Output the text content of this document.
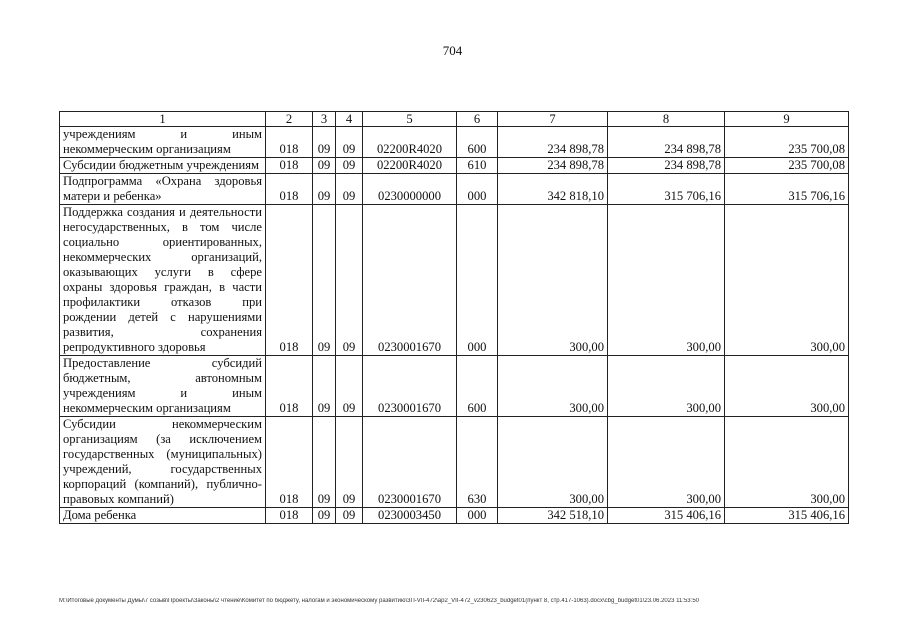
704
1	2	3	4	5	6	7	8	9
учреждениям и иным некоммерческим организациям	018	09	09	02200R4020	600	234 898,78	234 898,78	235 700,08
Субсидии бюджетным учреждениям	018	09	09	02200R4020	610	234 898,78	234 898,78	235 700,08
Подпрограмма «Охрана здоровья матери и ребенка»	018	09	09	0230000000	000	342 818,10	315 706,16	315 706,16
Поддержка создания и деятельности негосударственных, в том числе социально ориентированных, некоммерческих организаций, оказывающих услуги в сфере охраны здоровья граждан, в части профилактики отказов при рождении детей с нарушениями развития, сохранения репродуктивного здоровья	018	09	09	0230001670	000	300,00	300,00	300,00
Предоставление субсидий бюджетным, автономным учреждениям и иным некоммерческим организациям	018	09	09	0230001670	600	300,00	300,00	300,00
Субсидии некоммерческим организациям (за исключением государственных (муниципальных) учреждений, государственных корпораций (компаний), публично-правовых компаний)	018	09	09	0230001670	630	300,00	300,00	300,00
Дома ребенка	018	09	09	0230003450	000	342 518,10	315 406,16	315 406,16
M:\Итоговые документы Думы\7 созыв\Проекты\Законы\2 чтение\Комитет по бюджету, налогам и экономическому развитию\3П-VII-472\ap2_VII-472_v230623_budget01(пункт 8, стр.417-1063).docx\cbg_budget01\23.06.2023 11:53:50
